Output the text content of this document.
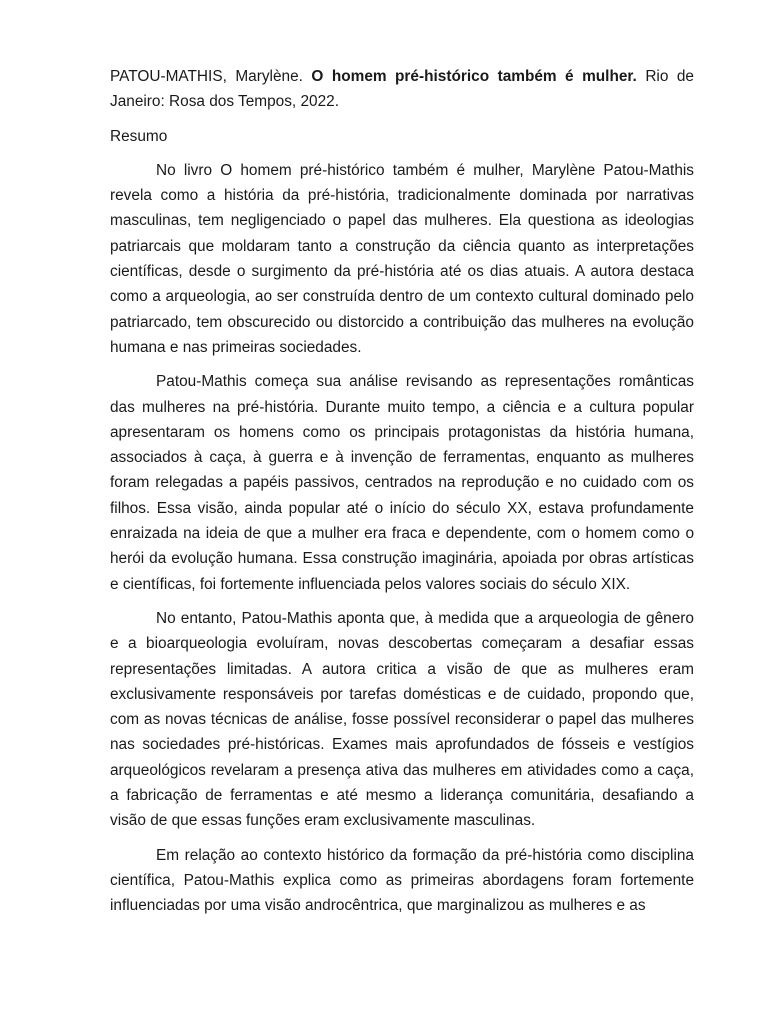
PATOU-MATHIS, Marylène. O homem pré-histórico também é mulher. Rio de Janeiro: Rosa dos Tempos, 2022.

Resumo

No livro O homem pré-histórico também é mulher, Marylène Patou-Mathis revela como a história da pré-história, tradicionalmente dominada por narrativas masculinas, tem negligenciado o papel das mulheres. Ela questiona as ideologias patriarcais que moldaram tanto a construção da ciência quanto as interpretações científicas, desde o surgimento da pré-história até os dias atuais. A autora destaca como a arqueologia, ao ser construída dentro de um contexto cultural dominado pelo patriarcado, tem obscurecido ou distorcido a contribuição das mulheres na evolução humana e nas primeiras sociedades.

Patou-Mathis começa sua análise revisando as representações românticas das mulheres na pré-história. Durante muito tempo, a ciência e a cultura popular apresentaram os homens como os principais protagonistas da história humana, associados à caça, à guerra e à invenção de ferramentas, enquanto as mulheres foram relegadas a papéis passivos, centrados na reprodução e no cuidado com os filhos. Essa visão, ainda popular até o início do século XX, estava profundamente enraizada na ideia de que a mulher era fraca e dependente, com o homem como o herói da evolução humana. Essa construção imaginária, apoiada por obras artísticas e científicas, foi fortemente influenciada pelos valores sociais do século XIX.

No entanto, Patou-Mathis aponta que, à medida que a arqueologia de gênero e a bioarqueologia evoluíram, novas descobertas começaram a desafiar essas representações limitadas. A autora critica a visão de que as mulheres eram exclusivamente responsáveis por tarefas domésticas e de cuidado, propondo que, com as novas técnicas de análise, fosse possível reconsiderar o papel das mulheres nas sociedades pré-históricas. Exames mais aprofundados de fósseis e vestígios arqueológicos revelaram a presença ativa das mulheres em atividades como a caça, a fabricação de ferramentas e até mesmo a liderança comunitária, desafiando a visão de que essas funções eram exclusivamente masculinas.

Em relação ao contexto histórico da formação da pré-história como disciplina científica, Patou-Mathis explica como as primeiras abordagens foram fortemente influenciadas por uma visão androcêntrica, que marginalizou as mulheres e as
